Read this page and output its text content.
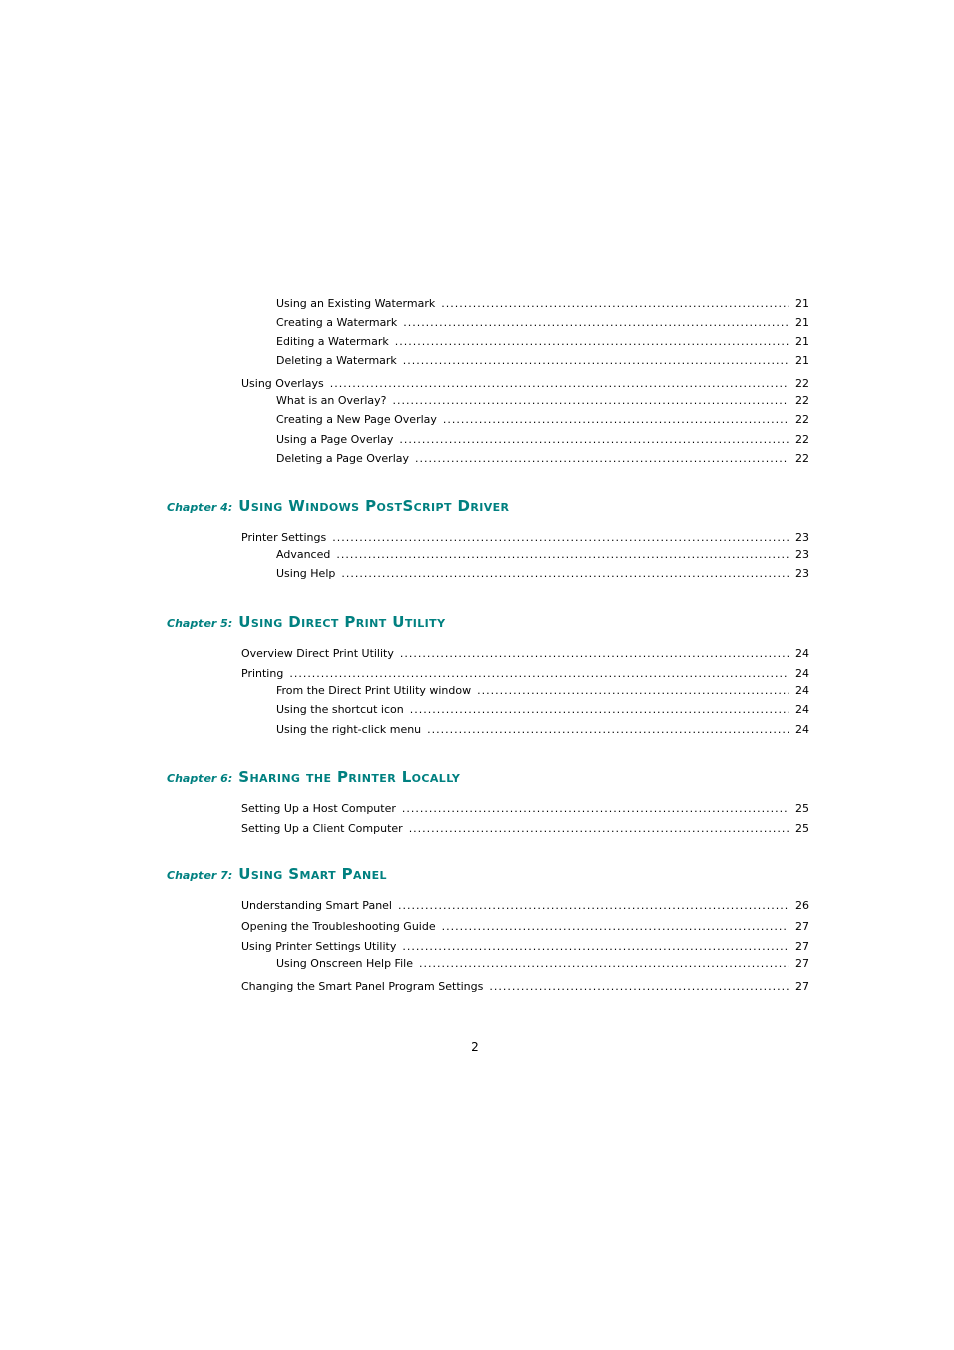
Using an Existing Watermark .....	21
Creating a Watermark .....	21
Editing a Watermark .....	21
Deleting a Watermark .....	21
Using Overlays .....	22
What is an Overlay? .....	22
Creating a New Page Overlay .....	22
Using a Page Overlay .....	22
Deleting a Page Overlay .....	22
Chapter 4: Using Windows PostScript Driver
Printer Settings .....	23
Advanced .....	23
Using Help .....	23
Chapter 5: Using Direct Print Utility
Overview Direct Print Utility .....	24
Printing .....	24
From the Direct Print Utility window .....	24
Using the shortcut icon .....	24
Using the right-click menu .....	24
Chapter 6: Sharing the Printer Locally
Setting Up a Host Computer .....	25
Setting Up a Client Computer .....	25
Chapter 7: Using Smart Panel
Understanding Smart Panel .....	26
Opening the Troubleshooting Guide .....	27
Using Printer Settings Utility .....	27
Using Onscreen Help File .....	27
Changing the Smart Panel Program Settings .....	27
2
